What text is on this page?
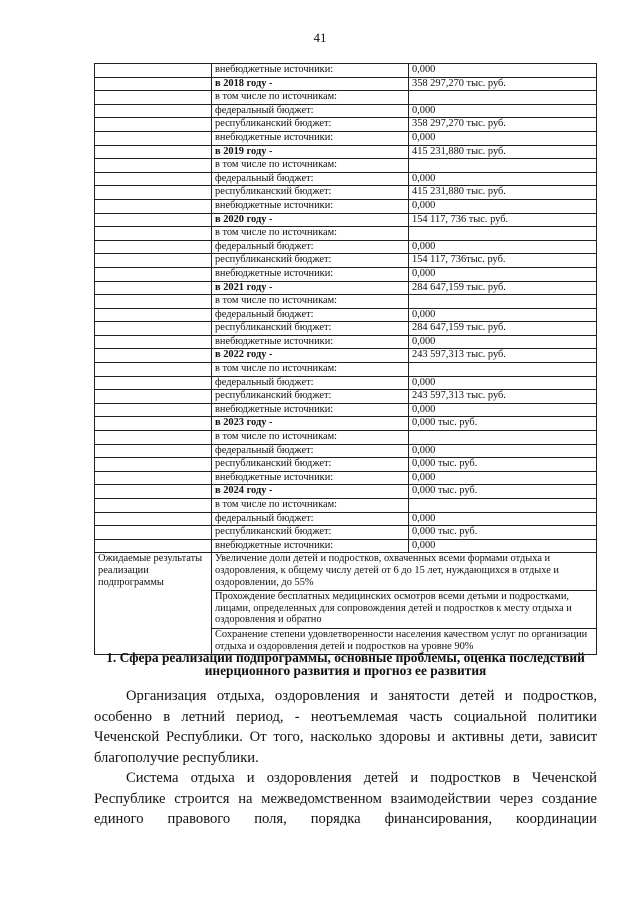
41
	внебюджетные источники:	0,000
	в 2018 году -	358 297,270 тыс. руб.
	в том числе по источникам:	
	федеральный бюджет:	0,000
	республиканский бюджет:	358 297,270 тыс. руб.
	внебюджетные источники:	0,000
	в 2019 году -	415 231,880 тыс. руб.
	в том числе по источникам:	
	федеральный бюджет:	0,000
	республиканский бюджет:	415 231,880 тыс. руб.
	внебюджетные источники:	0,000
	в 2020 году -	154 117, 736 тыс. руб.
	в том числе по источникам:	
	федеральный бюджет:	0,000
	республиканский бюджет:	154 117, 736тыс. руб.
	внебюджетные источники:	0,000
	в 2021 году -	284 647,159 тыс. руб.
	в том числе по источникам:	
	федеральный бюджет:	0,000
	республиканский бюджет:	284 647,159 тыс. руб.
	внебюджетные источники:	0,000
	в 2022 году -	243 597,313 тыс. руб.
	в том числе по источникам:	
	федеральный бюджет:	0,000
	республиканский бюджет:	243 597,313 тыс. руб.
	внебюджетные источники:	0,000
	в 2023 году -	0,000 тыс. руб.
	в том числе по источникам:	
	федеральный бюджет:	0,000
	республиканский бюджет:	0,000 тыс. руб.
	внебюджетные источники:	0,000
	в 2024 году -	0,000 тыс. руб.
	в том числе по источникам:	
	федеральный бюджет:	0,000
	республиканский бюджет:	0,000 тыс. руб.
	внебюджетные источники:	0,000

Ожидаемые результаты реализации подпрограммы	Увеличение доли детей и подростков, охваченных всеми формами отдыха и оздоровления, к общему числу детей от 6 до 15 лет, нуждающихся в отдыхе и оздоровлении, до 55%	
	Прохождение бесплатных медицинских осмотров всеми детьми и подростками, лицами, определенных для сопровождения детей и подростков к месту отдыха и оздоровления и обратно	
	Сохранение степени удовлетворенности населения качеством услуг по организации отдыха и оздоровления детей и подростков на уровне 90%	
1. Сфера реализации подпрограммы, основные проблемы, оценка последствий инерционного развития и прогноз ее развития

Организация отдыха, оздоровления и занятости детей и подростков, особенно в летний период, - неотъемлемая часть социальной политики Чеченской Республики. От того, насколько здоровы и активны дети, зависит благополучие республики.

Система отдыха и оздоровления детей и подростков в Чеченской Республике строится на межведомственном взаимодействии через создание единого правового поля, порядка финансирования, координации
